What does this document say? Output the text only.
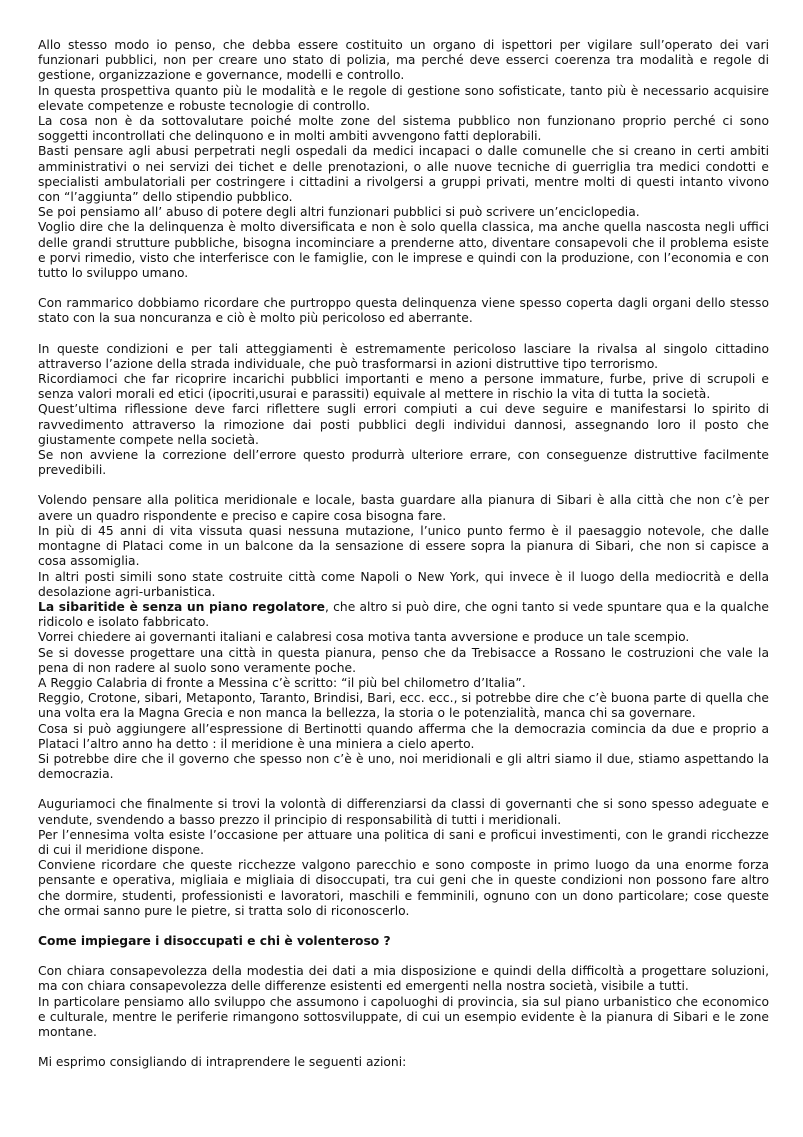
Allo stesso modo io penso, che debba essere costituito un organo di ispettori per vigilare sull’operato dei vari funzionari pubblici, non per creare uno stato di polizia, ma perché deve esserci coerenza tra modalità e regole di gestione, organizzazione e governance, modelli e controllo.

In questa prospettiva quanto più le modalità e le regole di gestione sono sofisticate, tanto più è necessario acquisire elevate competenze e robuste tecnologie di controllo.

La cosa non è da sottovalutare poiché molte zone del sistema pubblico non funzionano proprio perché ci sono soggetti incontrollati che delinquono e in molti ambiti avvengono fatti deplorabili.

Basti pensare agli abusi perpetrati negli ospedali da medici incapaci o dalle comunelle che si creano in certi ambiti amministrativi o nei servizi dei tichet e delle prenotazioni, o alle nuove tecniche di guerriglia tra medici condotti e specialisti ambulatoriali per costringere i cittadini a rivolgersi a gruppi privati, mentre molti di questi intanto vivono con “l’aggiunta” dello stipendio pubblico.

Se poi pensiamo all’ abuso di potere degli altri funzionari pubblici si può scrivere un’enciclopedia.

Voglio dire che la delinquenza è molto diversificata e non è solo quella classica, ma anche quella nascosta negli uffici delle grandi strutture pubbliche, bisogna incominciare a prenderne atto, diventare consapevoli che il problema esiste e porvi rimedio, visto che interferisce con le famiglie, con le imprese e quindi con la produzione, con l’economia e con tutto lo sviluppo umano.

Con rammarico dobbiamo ricordare che purtroppo questa delinquenza viene spesso coperta dagli organi dello stesso stato con la sua noncuranza e ciò è molto più pericoloso ed aberrante.

In queste condizioni e per tali atteggiamenti è estremamente pericoloso lasciare la rivalsa al singolo cittadino attraverso l’azione della strada individuale, che può trasformarsi in azioni distruttive tipo terrorismo.

Ricordiamoci che far ricoprire incarichi pubblici importanti e meno a persone immature, furbe, prive di scrupoli e senza valori morali ed etici (ipocriti,usurai e parassiti) equivale al mettere in rischio la vita di tutta la società.

Quest’ultima riflessione deve farci riflettere sugli errori compiuti a cui deve seguire e manifestarsi lo spirito di ravvedimento attraverso la rimozione dai posti pubblici degli individui dannosi, assegnando loro il posto che giustamente compete nella società.

Se non avviene la correzione dell’errore questo produrrà ulteriore errare, con conseguenze distruttive facilmente prevedibili.

Volendo pensare alla politica meridionale e locale, basta guardare alla pianura di Sibari è alla città che non c’è per avere un quadro rispondente e preciso e capire cosa bisogna fare.

In più di 45 anni di vita vissuta quasi nessuna mutazione, l’unico punto fermo è il paesaggio notevole, che dalle montagne di Plataci come in un balcone da la sensazione di essere sopra la pianura di Sibari, che non si capisce a cosa assomiglia.

In altri posti simili sono state costruite città come Napoli o New York, qui invece è il luogo della mediocrità e della desolazione agri-urbanistica.

La sibaritide è senza un piano regolatore, che altro si può dire, che ogni tanto si vede spuntare qua e la qualche ridicolo e isolato fabbricato.

Vorrei chiedere ai governanti italiani e calabresi cosa motiva tanta avversione e produce un tale scempio.

Se si dovesse progettare una città in questa pianura, penso che da Trebisacce a Rossano le costruzioni che vale la pena di non radere al suolo sono veramente poche.

A Reggio Calabria di fronte a Messina c’è scritto: “il più bel chilometro d’Italia”.

Reggio, Crotone, sibari, Metaponto, Taranto, Brindisi, Bari, ecc. ecc., si potrebbe dire che c’è buona parte di quella che una volta era la Magna Grecia e non manca la bellezza, la storia o le potenzialità, manca chi sa governare.

Cosa si può aggiungere all’espressione di Bertinotti quando afferma che la democrazia comincia da due e proprio a Plataci l’altro anno ha detto : il meridione è una miniera a cielo aperto.

Si potrebbe dire che il governo che spesso non c’è è uno, noi meridionali e gli altri siamo il due, stiamo aspettando la democrazia.

Auguriamoci che finalmente si trovi la volontà di differenziarsi da classi di governanti che si sono spesso adeguate e vendute, svendendo a basso prezzo il principio di responsabilità di tutti i meridionali.

Per l’ennesima volta esiste l’occasione per attuare una politica di sani e proficui investimenti, con le grandi ricchezze di cui il meridione dispone.

Conviene ricordare che queste ricchezze valgono parecchio e sono composte in primo luogo da una enorme forza pensante e operativa, migliaia e migliaia di disoccupati, tra cui geni che in queste condizioni non possono fare altro che dormire, studenti, professionisti e lavoratori, maschili e femminili, ognuno con un dono particolare; cose queste che ormai sanno pure le pietre, si tratta solo di riconoscerlo.

Come impiegare i disoccupati e chi è volenteroso ?

Con chiara consapevolezza della modestia dei dati a mia disposizione e quindi della difficoltà a progettare soluzioni, ma con chiara consapevolezza delle differenze esistenti ed emergenti nella nostra società, visibile a tutti.

In particolare pensiamo allo sviluppo che assumono i capoluoghi di provincia, sia sul piano urbanistico che economico e culturale, mentre le periferie rimangono sottosviluppate, di cui un esempio evidente è la pianura di Sibari e le zone montane.

Mi esprimo consigliando di intraprendere le seguenti azioni:
